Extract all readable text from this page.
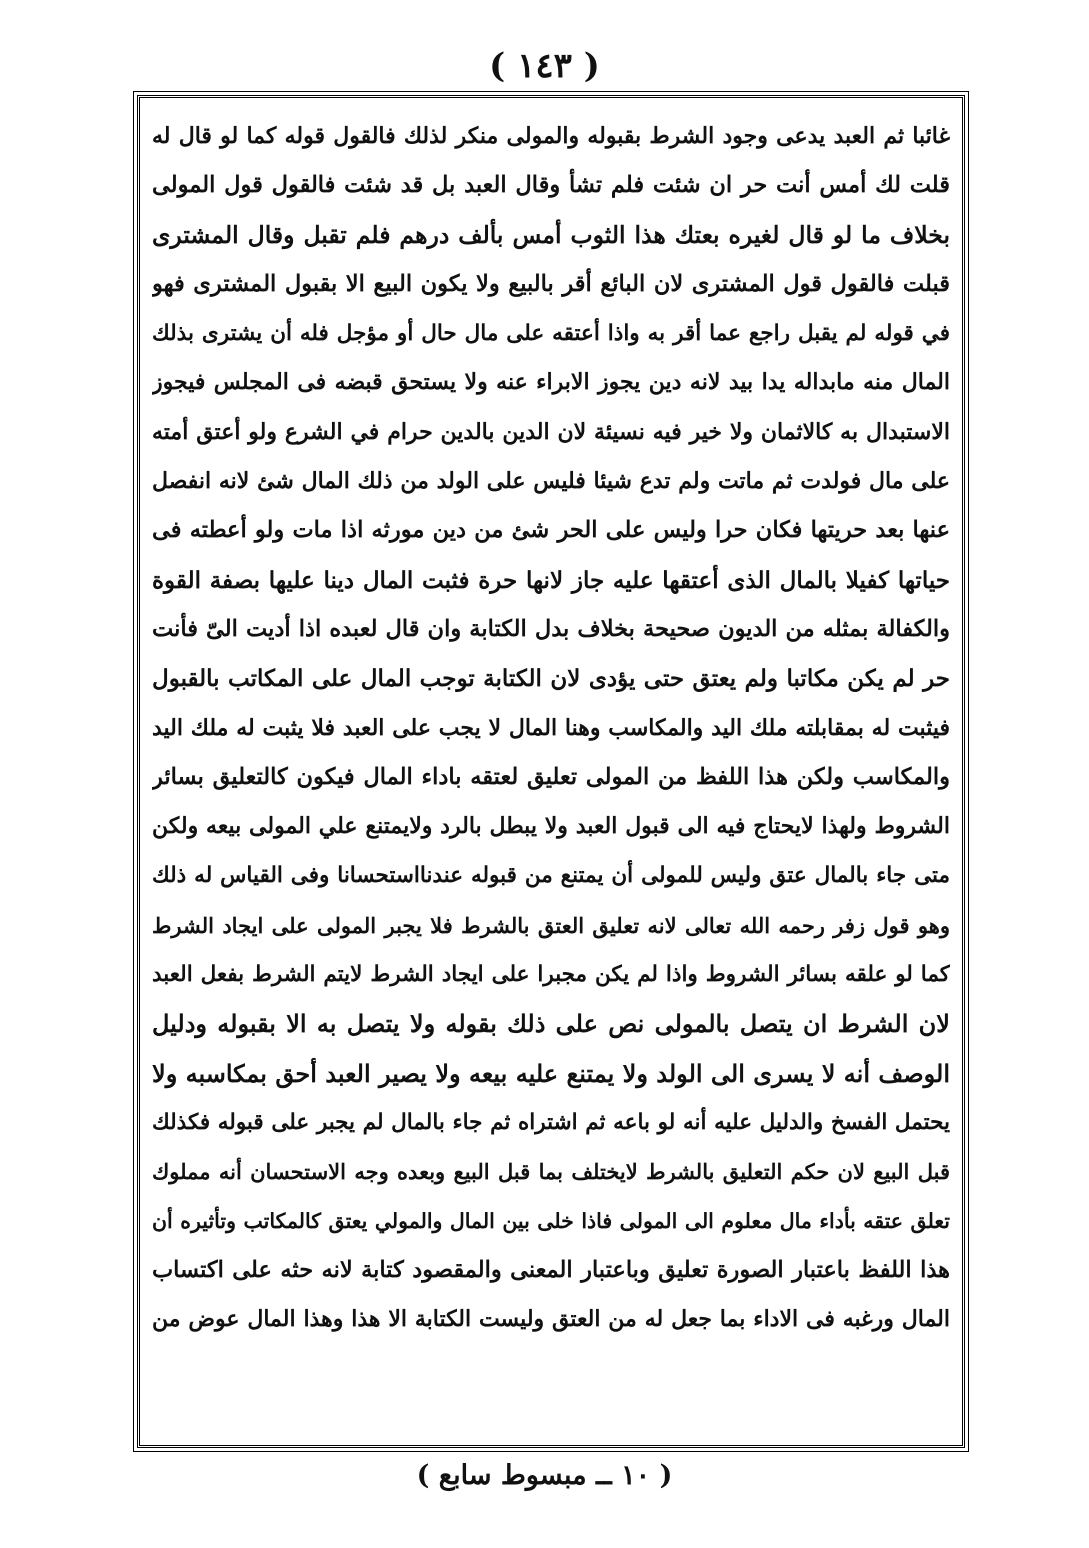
( ١٤٣ )
غائبا ثم العبد يدعى وجود الشرط بقبوله والمولى منكر لذلك فالقول قوله كما لو قال له
قلت لك أمس أنت حر ان شئت فلم تشأ وقال العبد بل قد شئت فالقول قول المولى
بخلاف ما لو قال لغيره بعتك هذا الثوب أمس بألف درهم فلم تقبل وقال المشترى
قبلت فالقول قول المشترى لان البائع أقر بالبيع ولا يكون البيع الا بقبول المشترى فهو
في قوله لم يقبل راجع عما أقر به واذا أعتقه على مال حال أو مؤجل فله أن يشترى بذلك
المال منه مابداله يدا بيد لانه دين يجوز الابراء عنه ولا يستحق قبضه فى المجلس فيجوز
الاستبدال به كالاثمان ولا خير فيه نسيئة لان الدين بالدين حرام في الشرع ولو أعتق أمته
على مال فولدت ثم ماتت ولم تدع شيئا فليس على الولد من ذلك المال شئ لانه انفصل
عنها بعد حريتها فكان حرا وليس على الحر شئ من دين مورثه اذا مات ولو أعطته فى
حياتها كفيلا بالمال الذى أعتقها عليه جاز لانها حرة فثبت المال دينا عليها بصفة القوة
والكفالة بمثله من الديون صحيحة بخلاف بدل الكتابة وان قال لعبده اذا أديت الىّ فأنت
حر لم يكن مكاتبا ولم يعتق حتى يؤدى لان الكتابة توجب المال على المكاتب بالقبول
فيثبت له بمقابلته ملك اليد والمكاسب وهنا المال لا يجب على العبد فلا يثبت له ملك اليد
والمكاسب ولكن هذا اللفظ من المولى تعليق لعتقه باداء المال فيكون كالتعليق بسائر
الشروط ولهذا لايحتاج فيه الى قبول العبد ولا يبطل بالرد ولايمتنع علي المولى بيعه ولكن
متى جاء بالمال عتق وليس للمولى أن يمتنع من قبوله عندنااستحسانا وفى القياس له ذلك
وهو قول زفر رحمه الله تعالى لانه تعليق العتق بالشرط فلا يجبر المولى على ايجاد الشرط
كما لو علقه بسائر الشروط واذا لم يكن مجبرا على ايجاد الشرط لايتم الشرط بفعل العبد
لان الشرط ان يتصل بالمولى نص على ذلك بقوله ولا يتصل به الا بقبوله ودليل
الوصف أنه لا يسرى الى الولد ولا يمتنع عليه بيعه ولا يصير العبد أحق بمكاسبه ولا
يحتمل الفسخ والدليل عليه أنه لو باعه ثم اشتراه ثم جاء بالمال لم يجبر على قبوله فكذلك
قبل البيع لان حكم التعليق بالشرط لايختلف بما قبل البيع وبعده وجه الاستحسان أنه مملوك
تعلق عتقه بأداء مال معلوم الى المولى فاذا خلى بين المال والمولي يعتق كالمكاتب وتأثيره أن
هذا اللفظ باعتبار الصورة تعليق وباعتبار المعنى والمقصود كتابة لانه حثه على اكتساب
المال ورغبه فى الاداء بما جعل له من العتق وليست الكتابة الا هذا وهذا المال عوض من
( ١٠ ــ مبسوط سابع )
